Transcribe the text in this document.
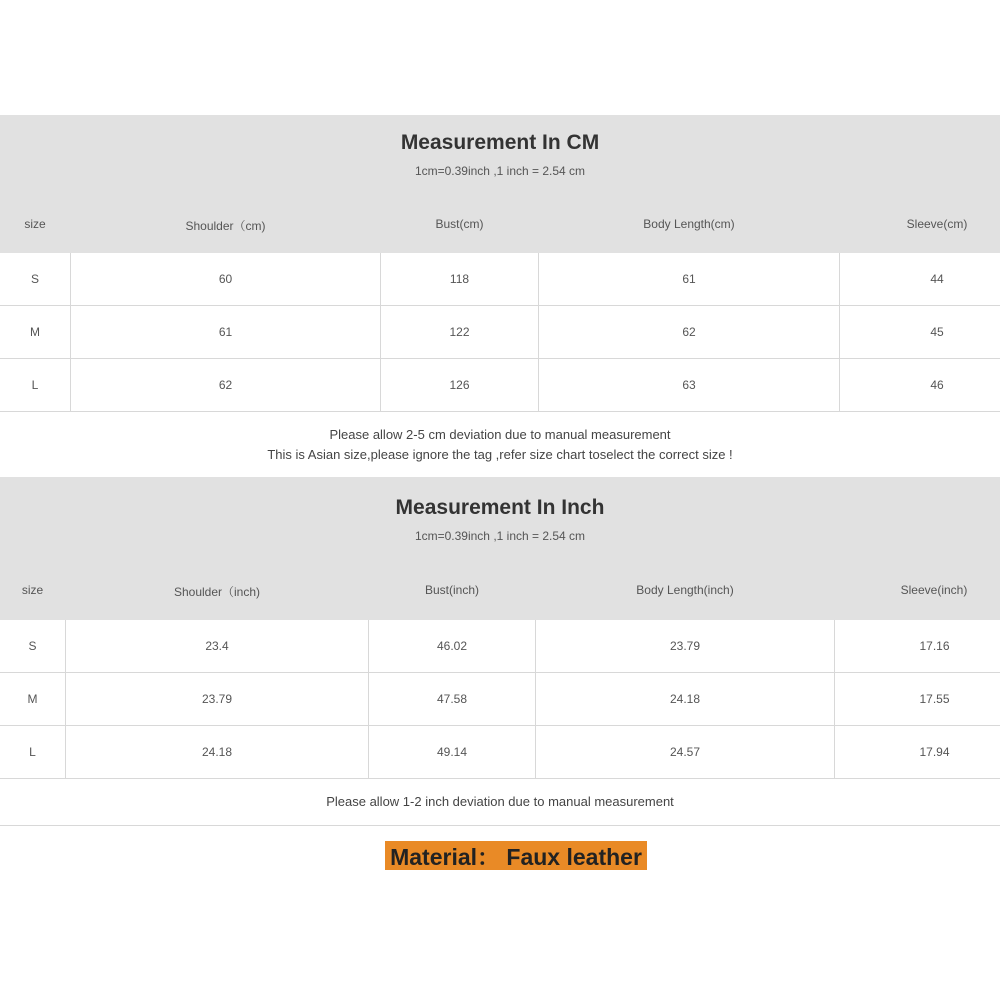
Measurement In CM
1cm=0.39inch ,1 inch = 2.54 cm
size	Shoulder（cm)	Bust(cm)	Body Length(cm)	Sleeve(cm)
S	60	118	61	44
M	61	122	62	45
L	62	126	63	46
Please allow 2-5 cm deviation due to manual measurement
This is Asian size,please ignore the tag ,refer size chart toselect the correct size !
Measurement In Inch
1cm=0.39inch ,1 inch = 2.54 cm
size	Shoulder（inch)	Bust(inch)	Body Length(inch)	Sleeve(inch)
S	23.4	46.02	23.79	17.16
M	23.79	47.58	24.18	17.55
L	24.18	49.14	24.57	17.94
Please allow 1-2 inch deviation due to manual measurement
Material： Faux leather
